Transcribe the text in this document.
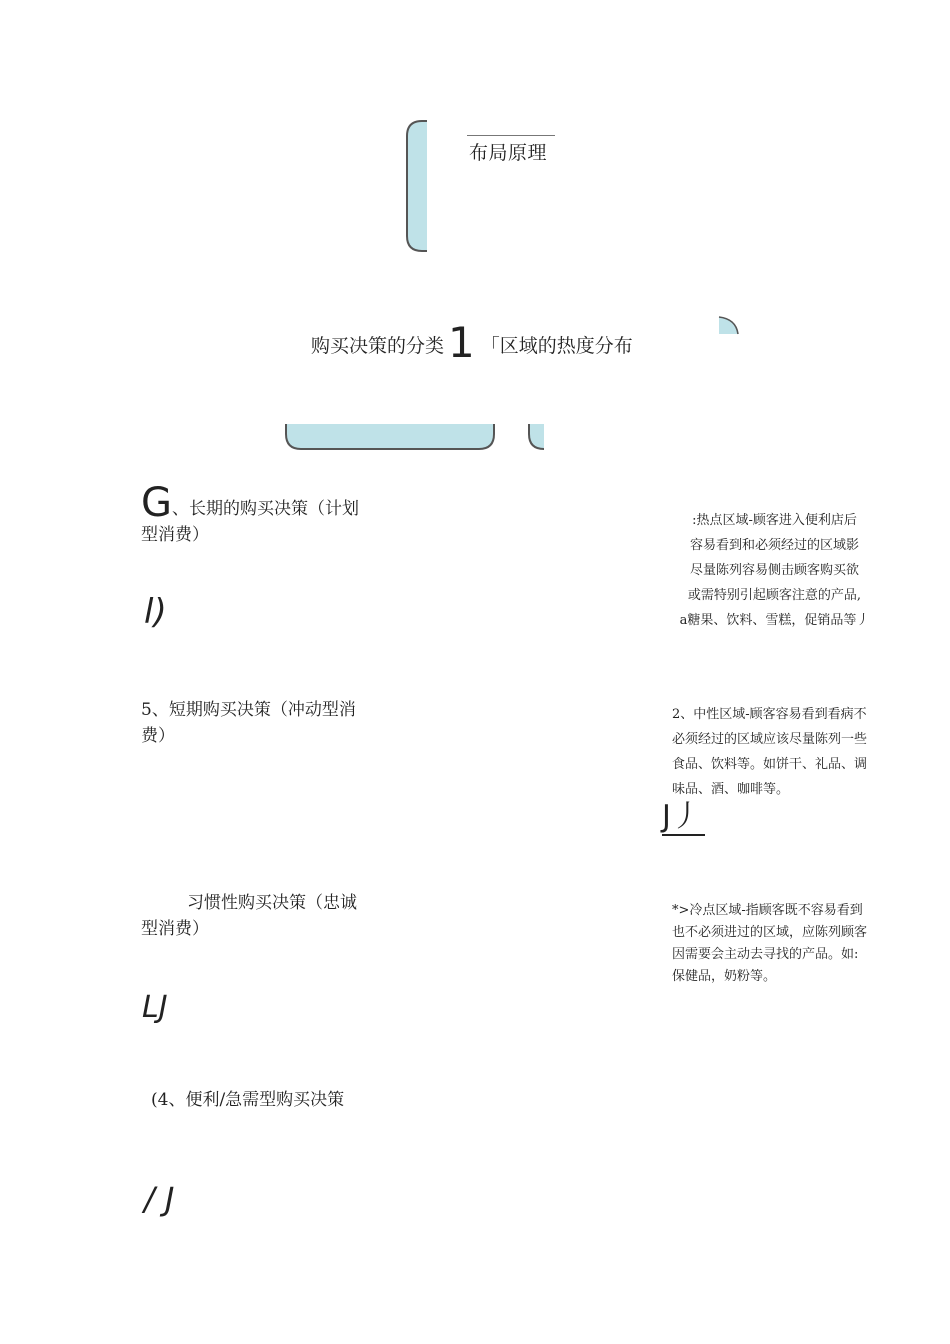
布局原理
购买决策的分类 1 「区域的热度分布
G、长期的购买决策（计划型消费）
l)
5、短期购买决策（冲动型消费）
习惯性购买决策（忠诚型消费）
LJ
(4、便利/急需型购买决策
/ J

:热点区域-顾客进入便利店后

容易看到和必须经过的区域影

尽量陈列容易侧击顾客购买欲

或需特别引起顾客注意的产品,

a糖果、饮料、雪糕，促销品等丿

2、中性区域-顾客容易看到看病不

必须经过的区域应该尽量陈列一些

食品、饮料等。如饼干、礼品、调

味品、酒、咖啡等。

J丿

*>冷点区域-指顾客既不容易看到

也不必须进过的区域，应陈列顾客

因需要会主动去寻找的产品。如:

保健品，奶粉等。
